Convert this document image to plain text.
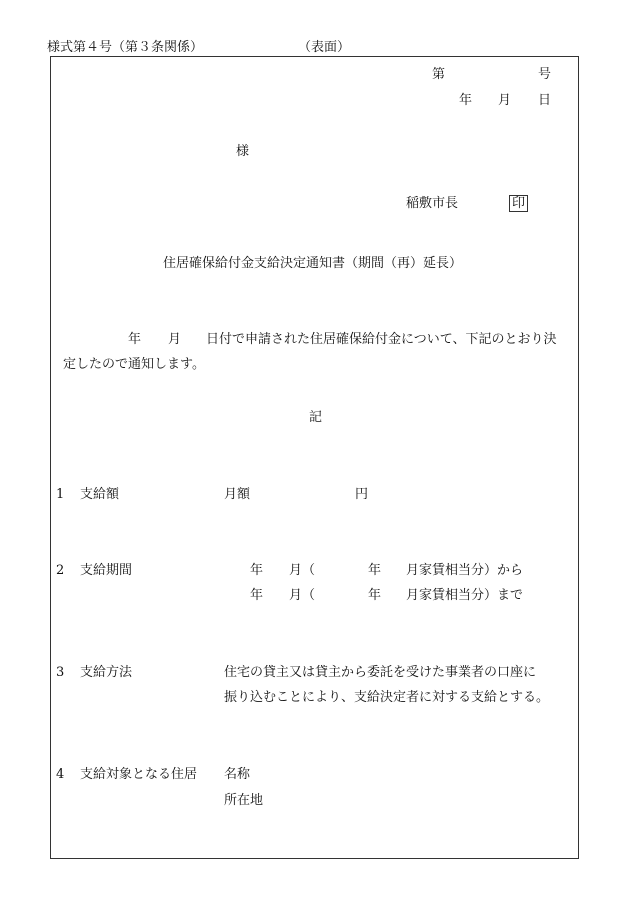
様式第４号（第３条関係）	（表面）
第	号
年 月 日
様
稲敷市長	印
住居確保給付金支給決定通知書（期間（再）延長）
年 月 日付で申請された住居確保給付金について、下記のとおり決
定したので通知します。
記
1 支給額	月額	円
2 支給期間	年 月（	年 月家賃相当分）から
年 月（	年 月家賃相当分）まで
3 支給方法	住宅の貸主又は貸主から委託を受けた事業者の口座に
振り込むことにより、支給決定者に対する支給とする。
4 支給対象となる住居 名称
所在地
